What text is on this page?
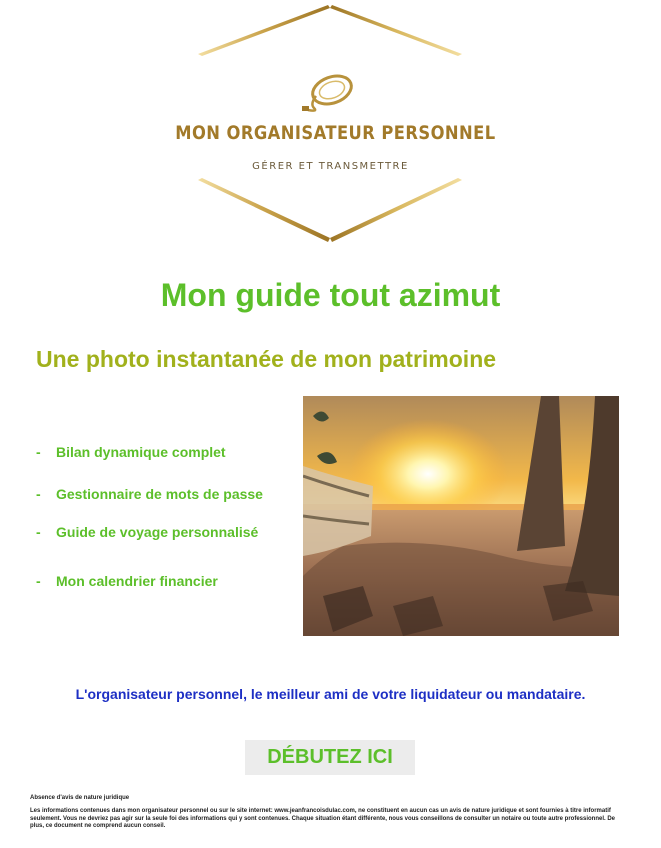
MON ORGANISATEUR PERSONNEL
GÉRER ET TRANSMETTRE
Mon guide tout azimut
Une photo instantanée de mon patrimoine
- Bilan dynamique complet
- Gestionnaire de mots de passe
- Guide de voyage personnalisé
- Mon calendrier financier
L'organisateur personnel, le meilleur ami de votre liquidateur ou mandataire.
DÉBUTEZ ICI
Absence d'avis de nature juridique
Les informations contenues dans mon organisateur personnel ou sur le site internet: www.jeanfrancoisdulac.com, ne constituent en aucun cas un avis de nature juridique et sont fournies à titre informatif seulement. Vous ne devriez pas agir sur la seule foi des informations qui y sont contenues. Chaque situation étant différente, nous vous conseillons de consulter un notaire ou toute autre professionnel. De plus, ce document ne comprend aucun conseil.
